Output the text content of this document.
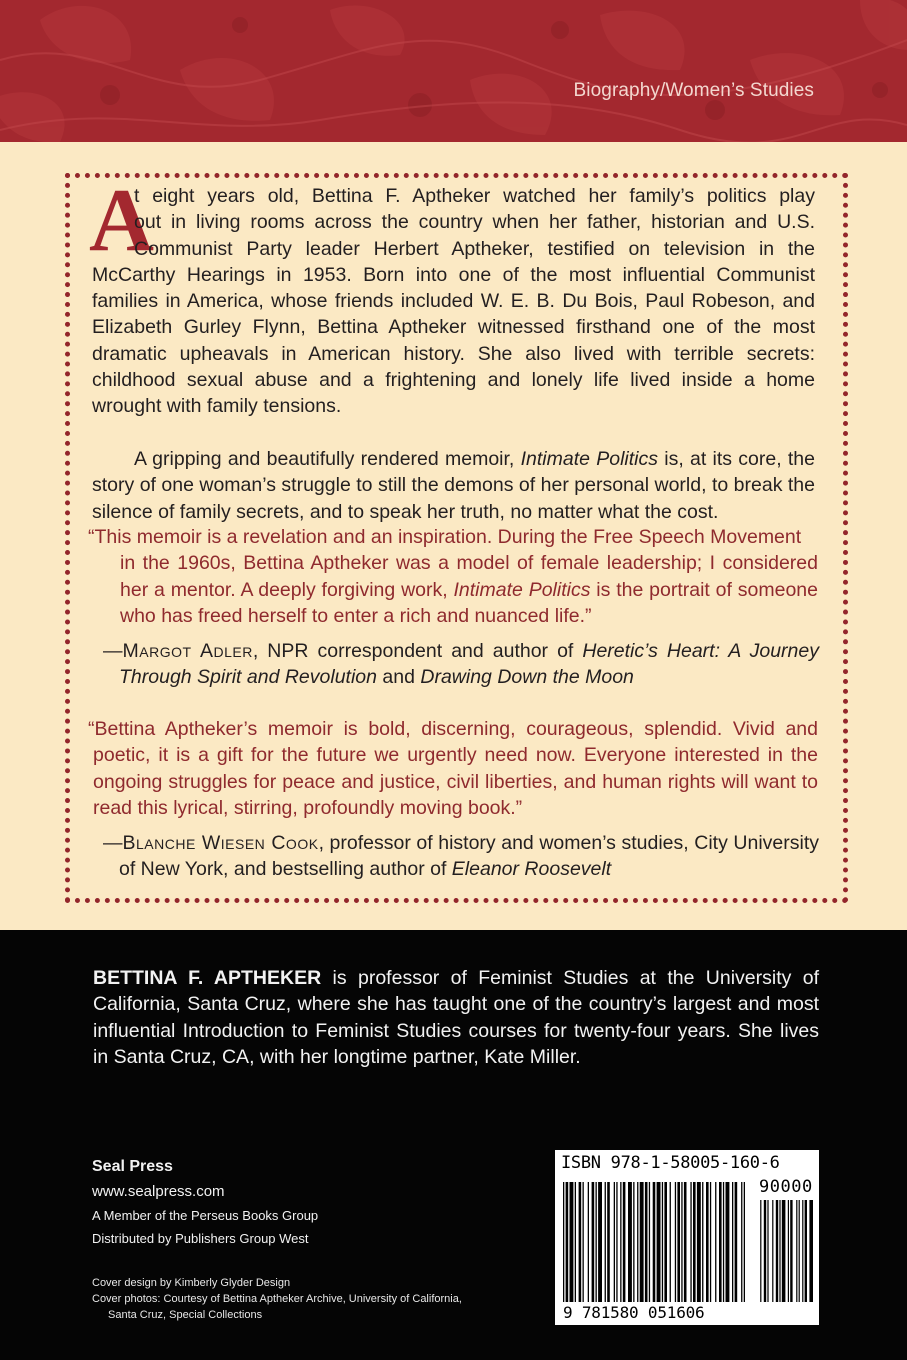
Biography/Women’s Studies
A

t eight years old, Bettina F. Aptheker watched her family’s politics play

out in living rooms across the country when her father, historian and U.S.

Communist Party leader Herbert Aptheker, testified on television in the

McCarthy Hearings in 1953. Born into one of the most influential Communist families in America, whose friends included W. E. B. Du Bois, Paul Robeson, and Elizabeth Gurley Flynn, Bettina Aptheker witnessed firsthand one of the most dramatic upheavals in American history. She also lived with terrible secrets: childhood sexual abuse and a frightening and lonely life lived inside a home wrought with family tensions.

A gripping and beautifully rendered memoir, Intimate Politics is, at its core, the story of one woman’s struggle to still the demons of her personal world, to break the silence of family secrets, and to speak her truth, no matter what the cost.

“This memoir is a revelation and an inspiration. During the Free Speech Movement

in the 1960s, Bettina Aptheker was a model of female leadership; I considered her a mentor. A deeply forgiving work, Intimate Politics is the portrait of someone who has freed herself to enter a rich and nuanced life.”

—Margot Adler, NPR correspondent and author of Heretic’s Heart: A Journey Through Spirit and Revolution and Drawing Down the Moon

“Bettina Aptheker’s memoir is bold, discerning, courageous, splendid. Vivid and poetic, it is a gift for the future we urgently need now. Everyone interested in the ongoing struggles for peace and justice, civil liberties, and human rights will want to read this lyrical, stirring, profoundly moving book.”

—Blanche Wiesen Cook, professor of history and women’s studies, City University of New York, and bestselling author of Eleanor Roosevelt

BETTINA F. APTHEKER is professor of Feminist Studies at the University of California, Santa Cruz, where she has taught one of the country’s largest and most influential Introduction to Feminist Studies courses for twenty-four years. She lives in Santa Cruz, CA, with her longtime partner, Kate Miller.
Seal Press
www.sealpress.com
A Member of the Perseus Books Group
Distributed by Publishers Group West
Cover design by Kimberly Glyder Design
Cover photos: Courtesy of Bettina Aptheker Archive, University of California,
Santa Cruz, Special Collections
ISBN 978-1-58005-160-6
90000
9 781580 051606
